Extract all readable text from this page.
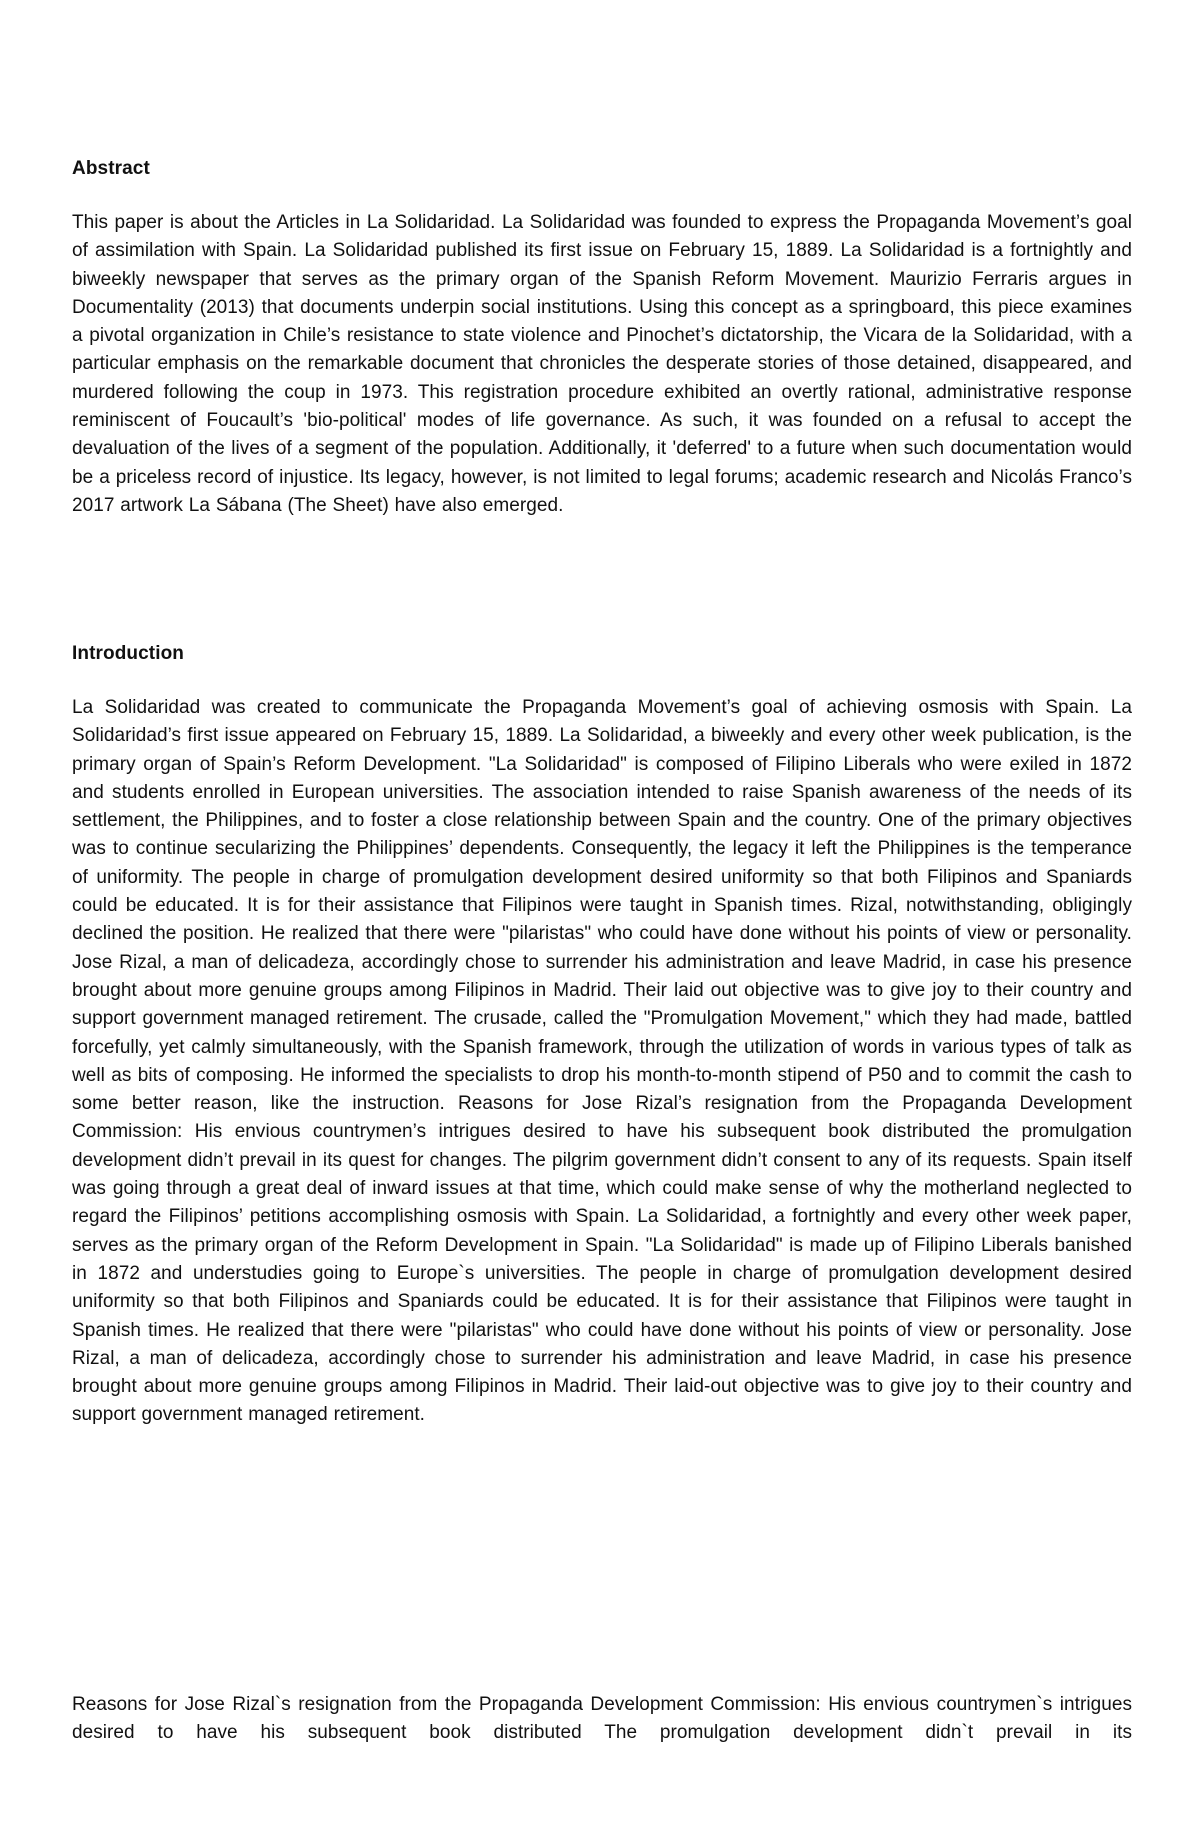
Abstract

This paper is about the Articles in La Solidaridad. La Solidaridad was founded to express the Propaganda Movement’s goal of assimilation with Spain. La Solidaridad published its first issue on February 15, 1889. La Solidaridad is a fortnightly and biweekly newspaper that serves as the primary organ of the Spanish Reform Movement. Maurizio Ferraris argues in Documentality (2013) that documents underpin social institutions. Using this concept as a springboard, this piece examines a pivotal organization in Chile’s resistance to state violence and Pinochet’s dictatorship, the Vicara de la Solidaridad, with a particular emphasis on the remarkable document that chronicles the desperate stories of those detained, disappeared, and murdered following the coup in 1973. This registration procedure exhibited an overtly rational, administrative response reminiscent of Foucault’s 'bio-political' modes of life governance. As such, it was founded on a refusal to accept the devaluation of the lives of a segment of the population. Additionally, it 'deferred' to a future when such documentation would be a priceless record of injustice. Its legacy, however, is not limited to legal forums; academic research and Nicolás Franco’s 2017 artwork La Sábana (The Sheet) have also emerged.

Introduction

La Solidaridad was created to communicate the Propaganda Movement’s goal of achieving osmosis with Spain. La Solidaridad’s first issue appeared on February 15, 1889. La Solidaridad, a biweekly and every other week publication, is the primary organ of Spain’s Reform Development. "La Solidaridad" is composed of Filipino Liberals who were exiled in 1872 and students enrolled in European universities. The association intended to raise Spanish awareness of the needs of its settlement, the Philippines, and to foster a close relationship between Spain and the country. One of the primary objectives was to continue secularizing the Philippines’ dependents. Consequently, the legacy it left the Philippines is the temperance of uniformity. The people in charge of promulgation development desired uniformity so that both Filipinos and Spaniards could be educated. It is for their assistance that Filipinos were taught in Spanish times. Rizal, notwithstanding, obligingly declined the position. He realized that there were "pilaristas" who could have done without his points of view or personality. Jose Rizal, a man of delicadeza, accordingly chose to surrender his administration and leave Madrid, in case his presence brought about more genuine groups among Filipinos in Madrid. Their laid out objective was to give joy to their country and support government managed retirement. The crusade, called the "Promulgation Movement," which they had made, battled forcefully, yet calmly simultaneously, with the Spanish framework, through the utilization of words in various types of talk as well as bits of composing. He informed the specialists to drop his month-to-month stipend of P50 and to commit the cash to some better reason, like the instruction. Reasons for Jose Rizal’s resignation from the Propaganda Development Commission: His envious countrymen’s intrigues desired to have his subsequent book distributed the promulgation development didn’t prevail in its quest for changes. The pilgrim government didn’t consent to any of its requests. Spain itself was going through a great deal of inward issues at that time, which could make sense of why the motherland neglected to regard the Filipinos’ petitions accomplishing osmosis with Spain. La Solidaridad, a fortnightly and every other week paper, serves as the primary organ of the Reform Development in Spain. "La Solidaridad" is made up of Filipino Liberals banished in 1872 and understudies going to Europe`s universities. The people in charge of promulgation development desired uniformity so that both Filipinos and Spaniards could be educated. It is for their assistance that Filipinos were taught in Spanish times. He realized that there were "pilaristas" who could have done without his points of view or personality. Jose Rizal, a man of delicadeza, accordingly chose to surrender his administration and leave Madrid, in case his presence brought about more genuine groups among Filipinos in Madrid. Their laid-out objective was to give joy to their country and support government managed retirement.

Reasons for Jose Rizal`s resignation from the Propaganda Development Commission: His envious countrymen`s intrigues desired to have his subsequent book distributed The promulgation development didn`t prevail in its
